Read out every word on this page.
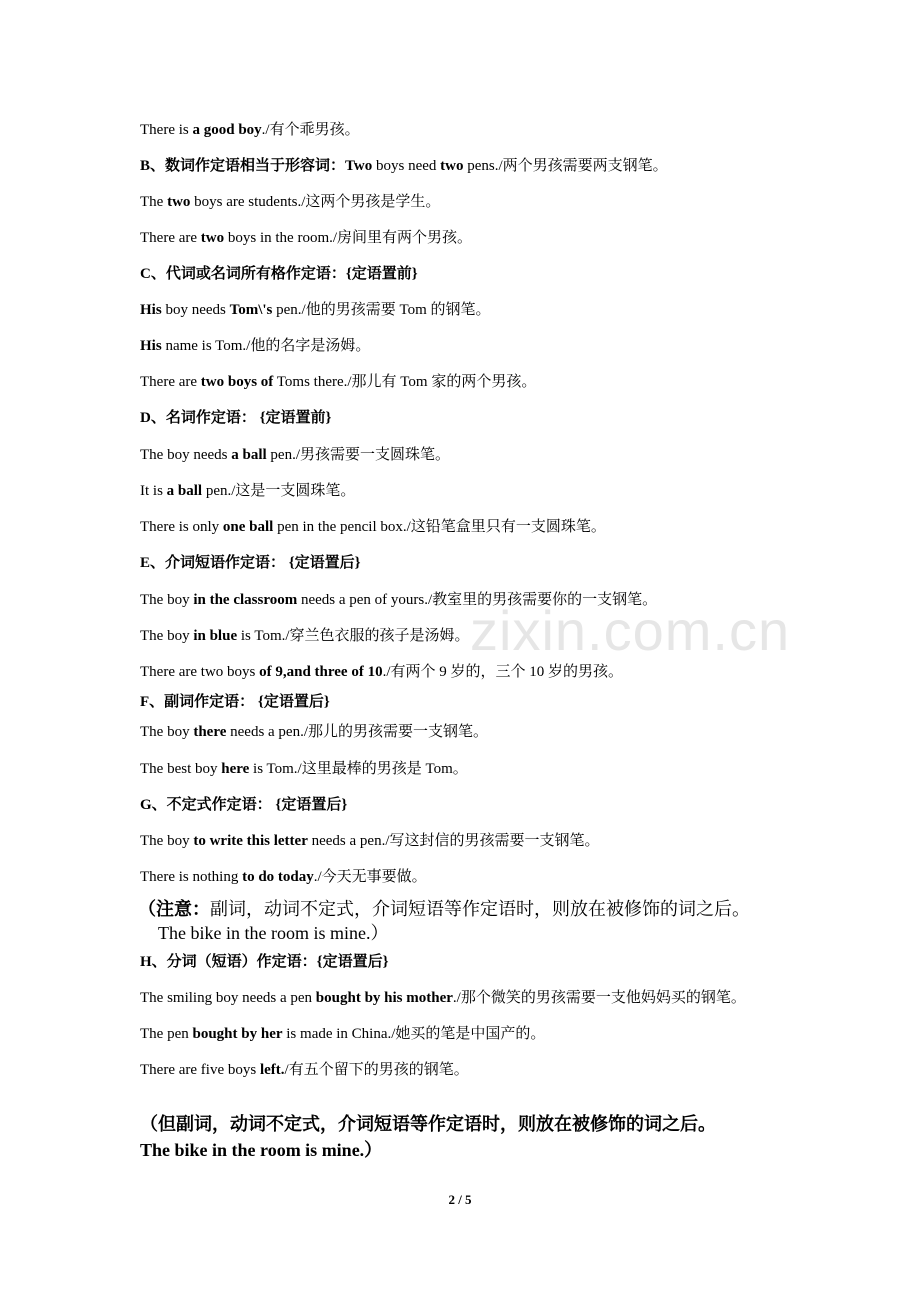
There is a good boy./有个乖男孩。
B、数词作定语相当于形容词：Two boys need two pens./两个男孩需要两支钢笔。
The two boys are students./这两个男孩是学生。
There are two boys in the room./房间里有两个男孩。
C、代词或名词所有格作定语：{定语置前}
His boy needs Tom\'s pen./他的男孩需要 Tom 的钢笔。
His name is Tom./他的名字是汤姆。
There are two boys of Toms there./那儿有 Tom 家的两个男孩。
D、名词作定语： {定语置前}
The boy needs a ball pen./男孩需要一支圆珠笔。
It is a ball pen./这是一支圆珠笔。
There is only one ball pen in the pencil box./这铅笔盒里只有一支圆珠笔。
E、介词短语作定语： {定语置后}
The boy in the classroom needs a pen of yours./教室里的男孩需要你的一支钢笔。
The boy in blue is Tom./穿兰色衣服的孩子是汤姆。
There are two boys of 9,and three of 10./有两个 9 岁的，三个 10 岁的男孩。
F、副词作定语： {定语置后}
The boy there needs a pen./那儿的男孩需要一支钢笔。
The best boy here is Tom./这里最棒的男孩是 Tom。
G、不定式作定语： {定语置后}
The boy to write this letter needs a pen./写这封信的男孩需要一支钢笔。
There is nothing to do today./今天无事要做。
（注意：副词，动词不定式，介词短语等作定语时，则放在被修饰的词之后。
The bike in the room is mine.）
H、分词（短语）作定语：{定语置后}
The smiling boy needs a pen bought by his mother./那个微笑的男孩需要一支他妈妈买的钢笔。
The pen bought by her is made in China./她买的笔是中国产的。
There are five boys left./有五个留下的男孩的钢笔。
（但副词，动词不定式，介词短语等作定语时，则放在被修饰的词之后。
The bike in the room is mine.）
zixin.com.cn
2 / 5
